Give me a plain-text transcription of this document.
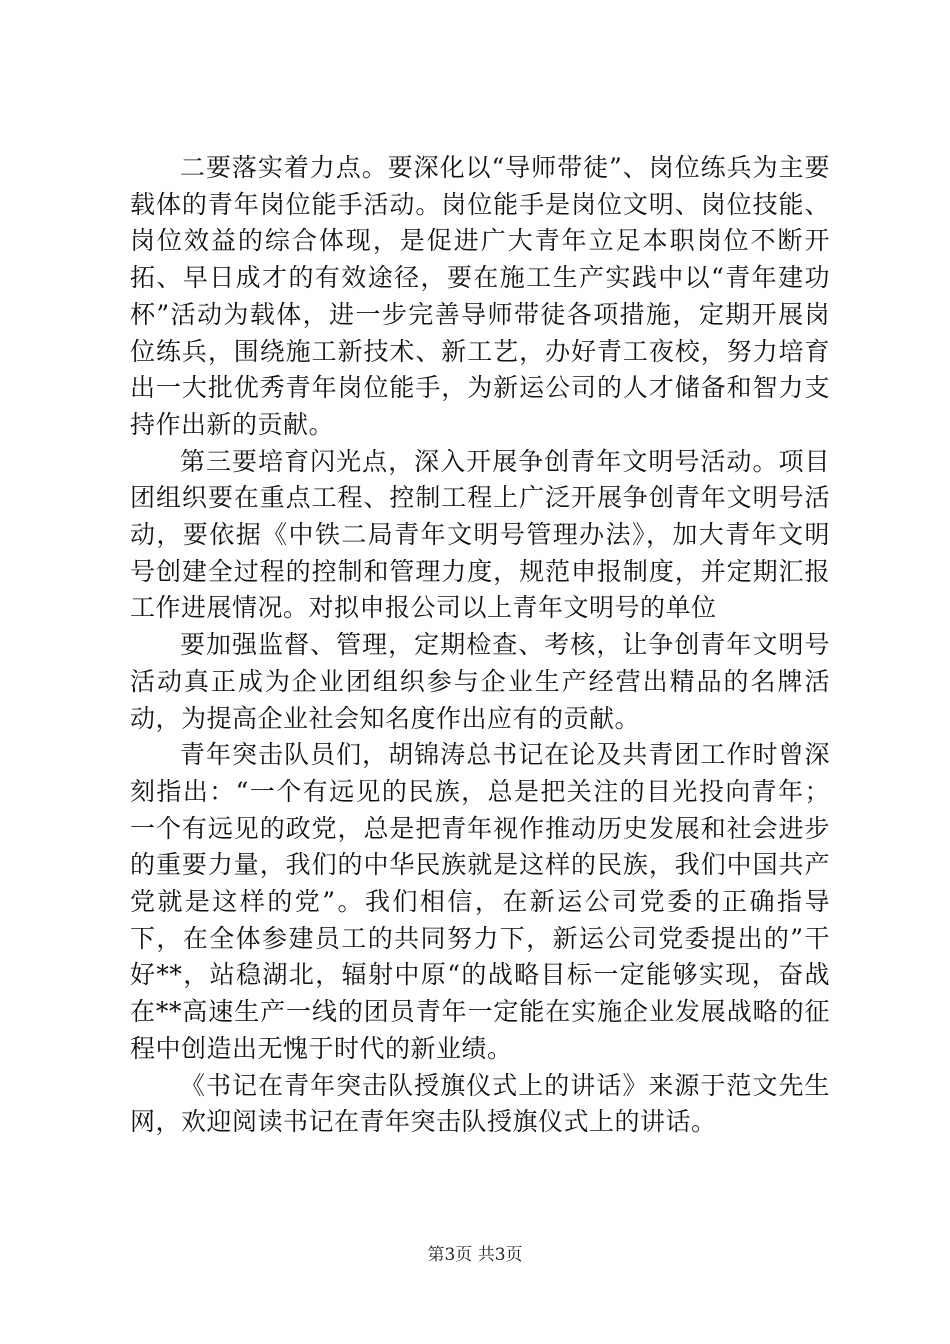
二要落实着力点。要深化以“导师带徒”、岗位练兵为主要载体的青年岗位能手活动。岗位能手是岗位文明、岗位技能、岗位效益的综合体现，是促进广大青年立足本职岗位不断开拓、早日成才的有效途径，要在施工生产实践中以“青年建功杯”活动为载体，进一步完善导师带徒各项措施，定期开展岗位练兵，围绕施工新技术、新工艺，办好青工夜校，努力培育出一大批优秀青年岗位能手，为新运公司的人才储备和智力支持作出新的贡献。

第三要培育闪光点，深入开展争创青年文明号活动。项目团组织要在重点工程、控制工程上广泛开展争创青年文明号活动，要依据《中铁二局青年文明号管理办法》，加大青年文明号创建全过程的控制和管理力度，规范申报制度，并定期汇报工作进展情况。对拟申报公司以上青年文明号的单位

要加强监督、管理，定期检查、考核，让争创青年文明号活动真正成为企业团组织参与企业生产经营出精品的名牌活动，为提高企业社会知名度作出应有的贡献。

青年突击队员们，胡锦涛总书记在论及共青团工作时曾深刻指出：“一个有远见的民族，总是把关注的目光投向青年；一个有远见的政党，总是把青年视作推动历史发展和社会进步的重要力量，我们的中华民族就是这样的民族，我们中国共产党就是这样的党”。我们相信，在新运公司党委的正确指导下，在全体参建员工的共同努力下，新运公司党委提出的”干好**，站稳湖北，辐射中原“的战略目标一定能够实现，奋战在**高速生产一线的团员青年一定能在实施企业发展战略的征程中创造出无愧于时代的新业绩。

《书记在青年突击队授旗仪式上的讲话》来源于范文先生网，欢迎阅读书记在青年突击队授旗仪式上的讲话。

第3页 共3页
